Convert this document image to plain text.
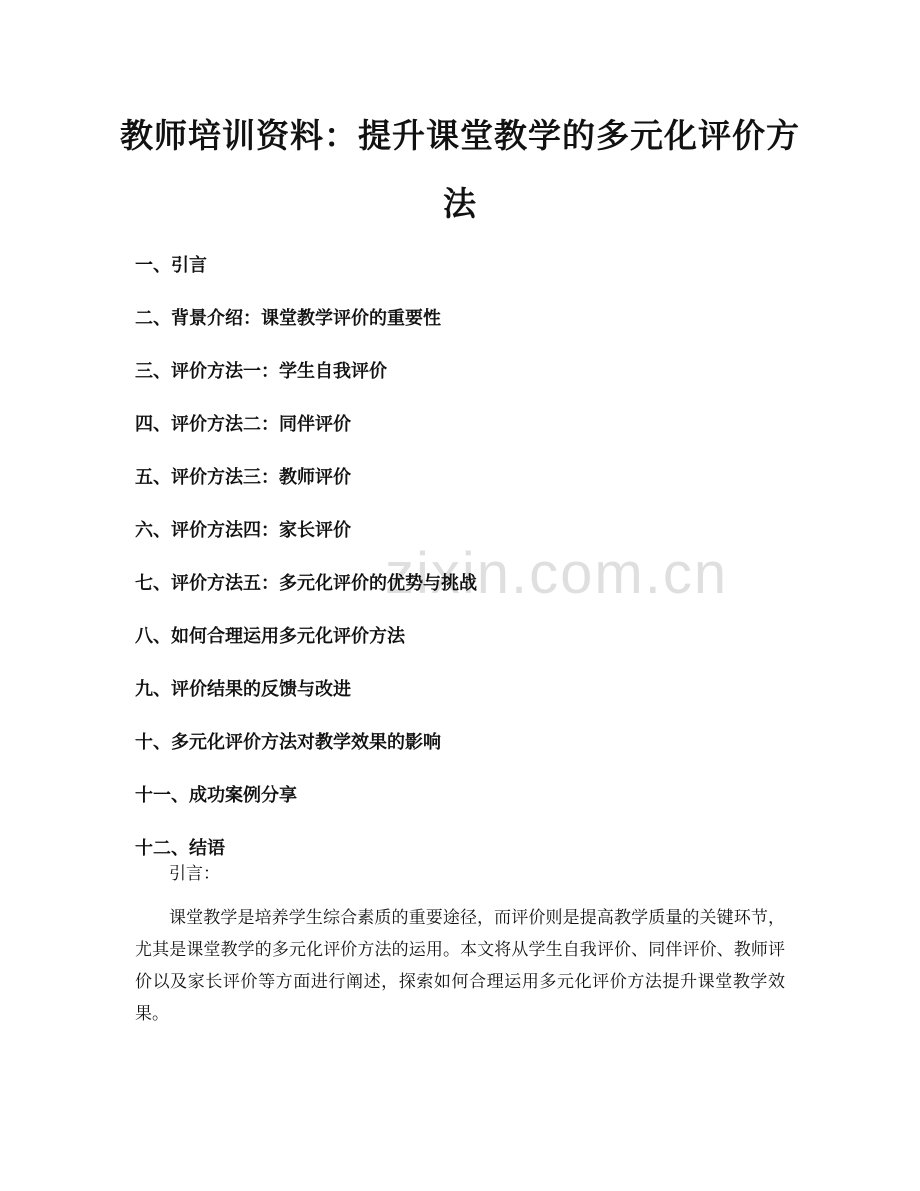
教师培训资料：提升课堂教学的多元化评价方法
一、引言
二、背景介绍：课堂教学评价的重要性
三、评价方法一：学生自我评价
四、评价方法二：同伴评价
五、评价方法三：教师评价
六、评价方法四：家长评价
七、评价方法五：多元化评价的优势与挑战
八、如何合理运用多元化评价方法
九、评价结果的反馈与改进
十、多元化评价方法对教学效果的影响
十一、成功案例分享
十二、结语

引言：

课堂教学是培养学生综合素质的重要途径，而评价则是提高教学质量的关键环节，尤其是课堂教学的多元化评价方法的运用。本文将从学生自我评价、同伴评价、教师评价以及家长评价等方面进行阐述，探索如何合理运用多元化评价方法提升课堂教学效果。

zixin.com.cn
